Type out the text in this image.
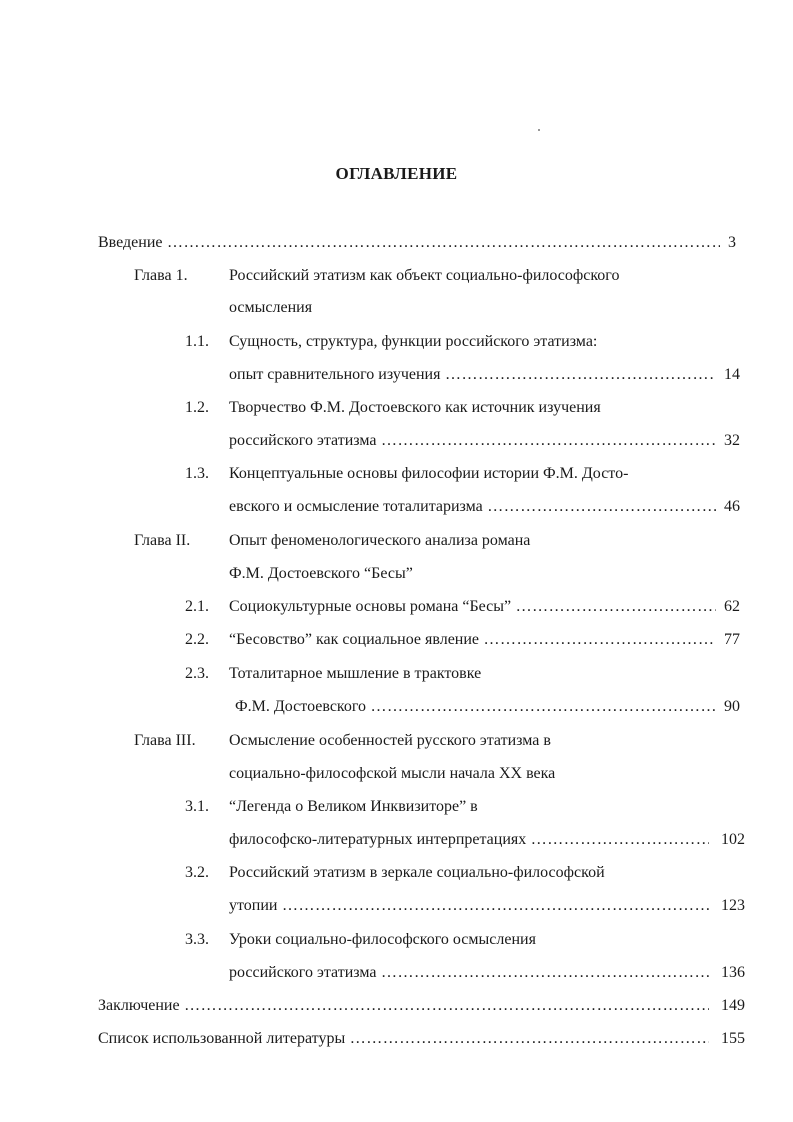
ОГЛАВЛЕНИЕ
Введение …………………………………………………………………………………………………………………………………………………………………………………………………………	3
Глава 1.	Российский этатизм как объект социально-философского
осмысления
1.1. Сущность, структура, функции российского этатизма:
опыт сравнительного изучения …………………………………………………………………………………………………………………………………………………………………………………………………………	14
1.2. Творчество Ф.М. Достоевского как источник изучения
российского этатизма …………………………………………………………………………………………………………………………………………………………………………………………………………	32
1.3. Концептуальные основы философии истории Ф.М. Досто-
евского и осмысление тоталитаризма …………………………………………………………………………………………………………………………………………………………………………………………………………	46
Глава II. Опыт феноменологического анализа романа
Ф.М. Достоевского “Бесы”
2.1. Социокультурные основы романа “Бесы” …………………………………………………………………………………………………………………………………………………………………………………………………………	62
2.2. “Бесовство” как социальное явление …………………………………………………………………………………………………………………………………………………………………………………………………………	77
2.3. Тоталитарное мышление в трактовке
Ф.М. Достоевского …………………………………………………………………………………………………………………………………………………………………………………………………………	90
Глава III. Осмысление особенностей русского этатизма в
социально-философской мысли начала XX века
3.1. “Легенда о Великом Инквизиторе” в
философско-литературных интерпретациях …………………………………………………………………………………………………………………………………………………………………………………………………………	102
3.2. Российский этатизм в зеркале социально-философской
утопии …………………………………………………………………………………………………………………………………………………………………………………………………………	123
3.3. Уроки социально-философского осмысления
российского этатизма …………………………………………………………………………………………………………………………………………………………………………………………………………	136
Заключение …………………………………………………………………………………………………………………………………………………………………………………………………………	149
Список использованной литературы …………………………………………………………………………………………………………………………………………………………………………………………………………	155
